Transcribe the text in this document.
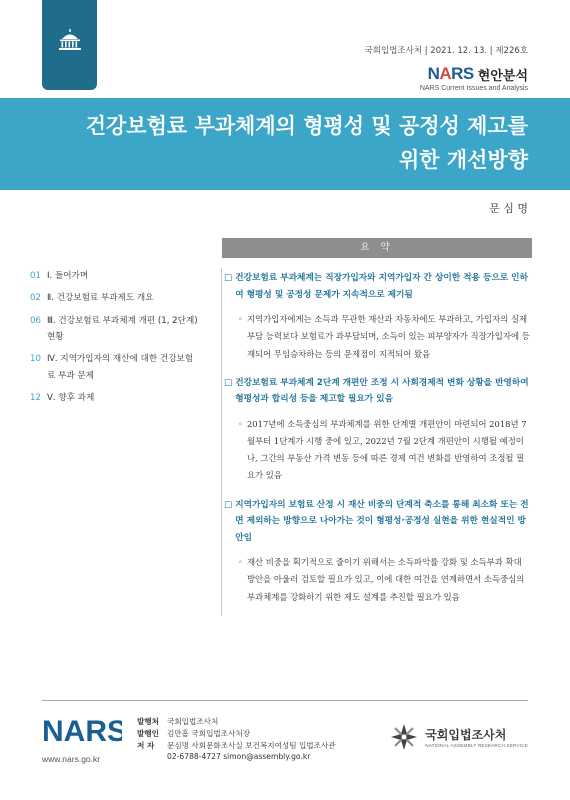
국회입법조사처 | 2021. 12. 13. | 제226호
NARS 현안분석
NARS Current Issues and Analysis
건강보험료 부과체계의 형평성 및 공정성 제고를
위한 개선방향
문 심 명
01 Ⅰ. 들어가며
02 Ⅱ. 건강보험료 부과제도 개요
06 Ⅲ. 건강보험료 부과체계 개편 (1, 2단계) 현황
10 Ⅳ. 지역가입자의 재산에 대한 건강보험료 부과 문제
12 Ⅴ. 향후 과제
요 약
□ 건강보험료 부과체계는 직장가입자와 지역가입자 간 상이한 적용 등으로 인하여 형평성 및 공정성 문제가 지속적으로 제기됨
◦ 지역가입자에게는 소득과 무관한 재산과 자동차에도 부과하고, 가입자의 실제 부담 능력보다 보험료가 과부담되며, 소득이 있는 피부양자가 직장가입자에 등재되어 무임승차하는 등의 문제점이 지적되어 왔음
□ 건강보험료 부과체계 2단계 개편안 조정 시 사회경제적 변화 상황을 반영하여 형평성과 합리성 등을 제고할 필요가 있음
◦ 2017년에 소득중심의 부과체계를 위한 단계별 개편안이 마련되어 2018년 7월부터 1단계가 시행 중에 있고, 2022년 7월 2단계 개편안이 시행될 예정이나, 그간의 부동산 가격 변동 등에 따른 경제 여건 변화를 반영하여 조정될 필요가 있음
□ 지역가입자의 보험료 산정 시 재산 비중의 단계적 축소를 통해 최소화 또는 전면 제외하는 방향으로 나아가는 것이 형평성·공정성 실현을 위한 현실적인 방안임
◦ 재산 비중을 획기적으로 줄이기 위해서는 소득파악률 강화 및 소득부과 확대 방안을 아울러 검토할 필요가 있고, 이에 대한 여건을 연계하면서 소득중심의 부과체계를 강화하기 위한 제도 설계를 추진할 필요가 있음
NARS
www.nars.go.kr
발행처	국회입법조사처
발행인	김만흠 국회입법조사처장
저 자	문심명 사회문화조사실 보건복지여성팀 입법조사관
02-6788-4727 simon@assembly.go.kr
국회입법조사처
NATIONAL ASSEMBLY RESEARCH SERVICE
